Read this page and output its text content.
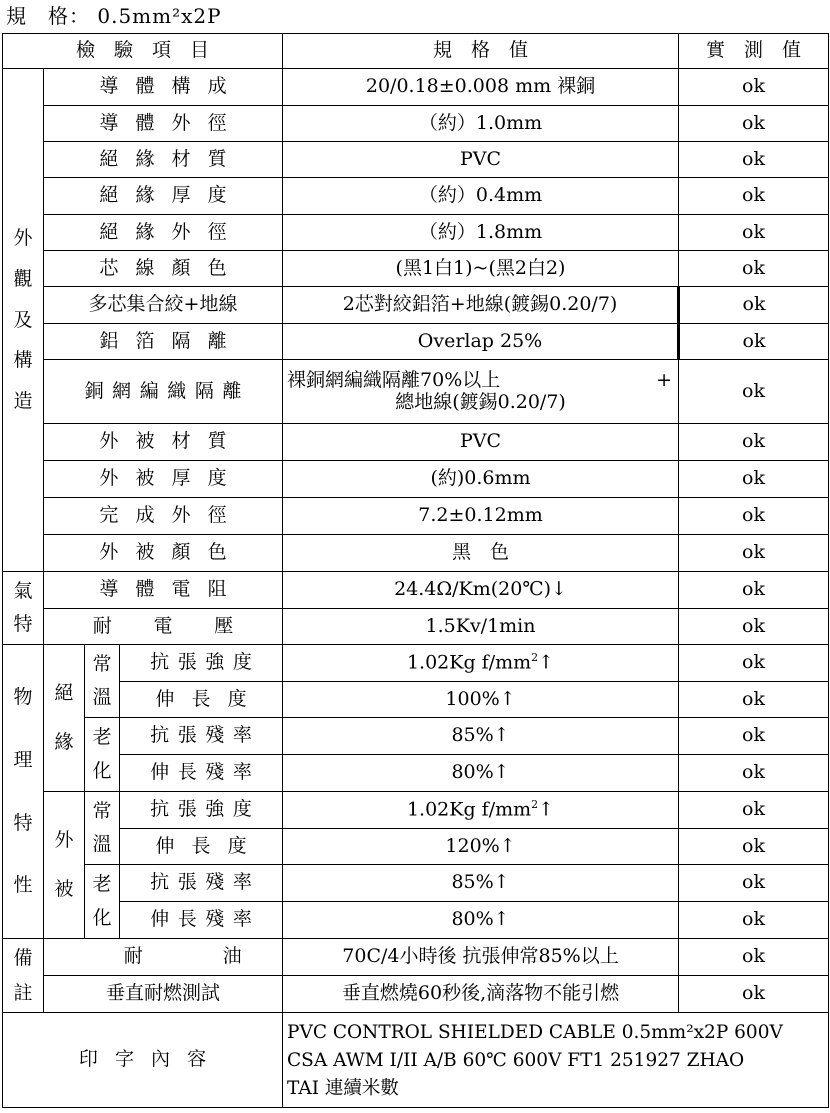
規　格： 0.5mm²x2P
檢　驗　項　目				規　格　值	實　測　值

外觀及構造	導體構成			20/0.18±0.008 mm 裸銅	ok
	導體外徑			（約）1.0mm	ok
	絕緣材質			PVC	ok
	絕緣厚度			（約）0.4mm	ok
	絕緣外徑			（約）1.8mm	ok
	芯線顏色			(黑1白1)~(黑2白2)	ok
	多芯集合絞+地線			2芯對絞鋁箔+地線(鍍錫0.20/7)	ok
	鋁箔隔離			Overlap 25%	ok
	銅網編織隔離			裸銅網編織隔離70%以上 +
總地線(鍍錫0.20/7)	ok
	外被材質			PVC	ok
	外被厚度			(約)0.6mm	ok
	完成外徑			7.2±0.12mm	ok
	外被顏色			黑　色	ok

氣特	導體電阻			24.4Ω/Km(20℃)↓	ok
	耐電壓			1.5Kv/1min	ok

物理特性	絕緣	常溫	抗張強度	1.02Kg $f/mm^2↑$	ok
			伸長度	100%↑	ok

		老化	抗張殘率	85%↑	ok
			伸長殘率	80%↑	ok

	外被	常溫	抗張強度	1.02Kg $f/mm^2↑$	ok
			伸長度	120%↑	ok

		老化	抗張殘率	85%↑	ok
			伸長殘率	80%↑	ok

備註	耐油			70C/4小時後 抗張伸常85%以上	ok
	垂直耐燃測試			垂直燃燒60秒後,滴落物不能引燃	ok
印字內容				PVC CONTROL SHIELDED CABLE 0.5mm²x2P 600V
CSA AWM I/II A/B 60℃ 600V FT1 251927 ZHAO
TAI 連續米數	
